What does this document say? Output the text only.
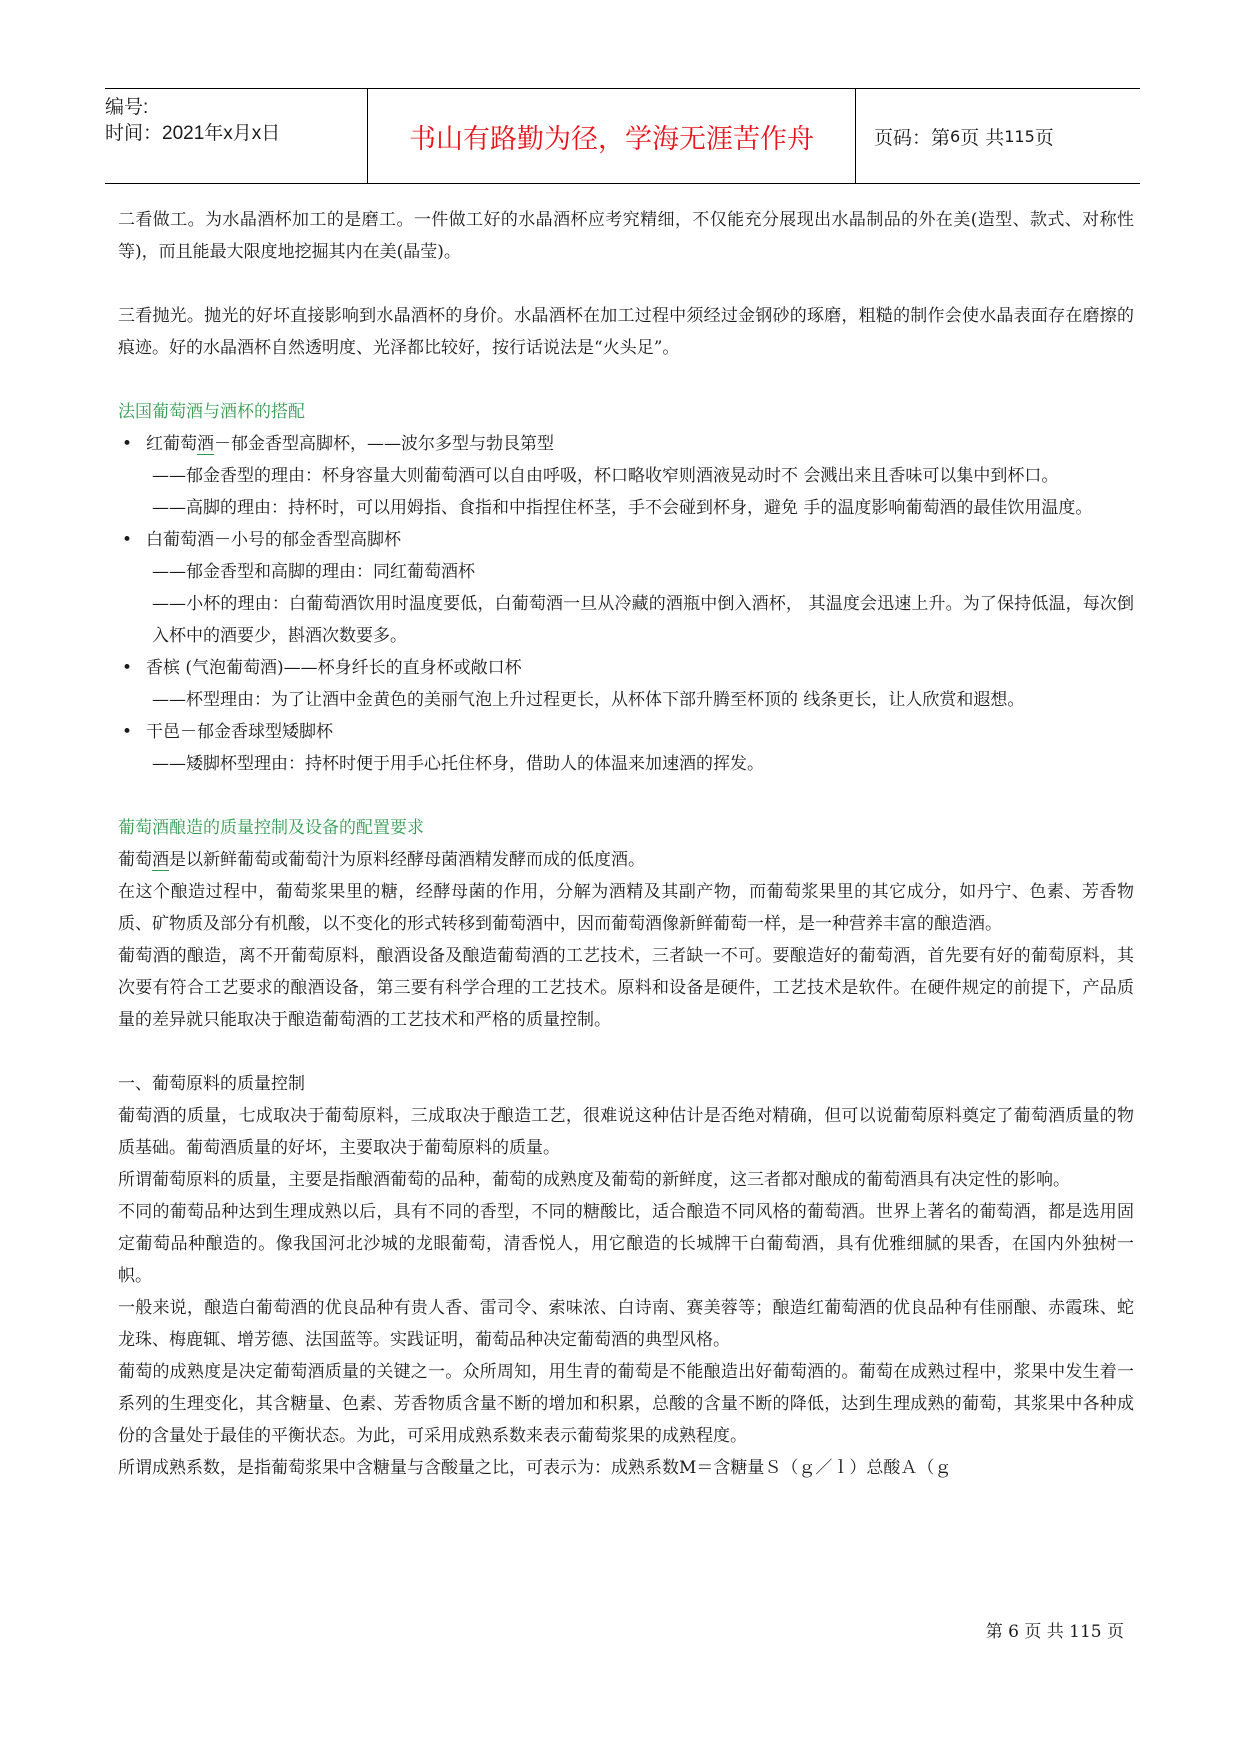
编号:
时间：2021年x月x日	书山有路勤为径，学海无涯苦作舟	页码：第 6 页 共 115 页

二看做工。为水晶酒杯加工的是磨工。一件做工好的水晶酒杯应考究精细，不仅能充分展现出水晶制品的外在美(造型、款式、对称性等)，而且能最大限度地挖掘其内在美(晶莹)。

三看抛光。抛光的好坏直接影响到水晶酒杯的身价。水晶酒杯在加工过程中须经过金钢砂的琢磨，粗糙的制作会使水晶表面存在磨擦的痕迹。好的水晶酒杯自然透明度、光泽都比较好，按行话说法是“火头足”。

法国葡萄酒与酒杯的搭配

• 红葡萄酒－郁金香型高脚杯，——波尔多型与勃艮第型

——郁金香型的理由：杯身容量大则葡萄酒可以自由呼吸，杯口略收窄则酒液晃动时不 会溅出来且香味可以集中到杯口。

——高脚的理由：持杯时，可以用姆指、食指和中指捏住杯茎，手不会碰到杯身，避免 手的温度影响葡萄酒的最佳饮用温度。

• 白葡萄酒－小号的郁金香型高脚杯

——郁金香型和高脚的理由：同红葡萄酒杯

——小杯的理由：白葡萄酒饮用时温度要低，白葡萄酒一旦从冷藏的酒瓶中倒入酒杯， 其温度会迅速上升。为了保持低温，每次倒入杯中的酒要少，斟酒次数要多。

• 香槟 (气泡葡萄酒)——杯身纤长的直身杯或敞口杯

——杯型理由：为了让酒中金黄色的美丽气泡上升过程更长，从杯体下部升腾至杯顶的 线条更长，让人欣赏和遐想。

• 干邑－郁金香球型矮脚杯

——矮脚杯型理由：持杯时便于用手心托住杯身，借助人的体温来加速酒的挥发。

葡萄酒酿造的质量控制及设备的配置要求

葡萄酒是以新鲜葡萄或葡萄汁为原料经酵母菌酒精发酵而成的低度酒。

在这个酿造过程中，葡萄浆果里的糖，经酵母菌的作用，分解为酒精及其副产物，而葡萄浆果里的其它成分，如丹宁、色素、芳香物质、矿物质及部分有机酸，以不变化的形式转移到葡萄酒中，因而葡萄酒像新鲜葡萄一样，是一种营养丰富的酿造酒。

葡萄酒的酿造，离不开葡萄原料，酿酒设备及酿造葡萄酒的工艺技术，三者缺一不可。要酿造好的葡萄酒，首先要有好的葡萄原料，其次要有符合工艺要求的酿酒设备，第三要有科学合理的工艺技术。原料和设备是硬件，工艺技术是软件。在硬件规定的前提下，产品质量的差异就只能取决于酿造葡萄酒的工艺技术和严格的质量控制。

一、葡萄原料的质量控制

葡萄酒的质量，七成取决于葡萄原料，三成取决于酿造工艺，很难说这种估计是否绝对精确，但可以说葡萄原料奠定了葡萄酒质量的物质基础。葡萄酒质量的好坏，主要取决于葡萄原料的质量。

所谓葡萄原料的质量，主要是指酿酒葡萄的品种，葡萄的成熟度及葡萄的新鲜度，这三者都对酿成的葡萄酒具有决定性的影响。

不同的葡萄品种达到生理成熟以后，具有不同的香型，不同的糖酸比，适合酿造不同风格的葡萄酒。世界上著名的葡萄酒，都是选用固定葡萄品种酿造的。像我国河北沙城的龙眼葡萄，清香悦人，用它酿造的长城牌干白葡萄酒，具有优雅细腻的果香，在国内外独树一帜。

一般来说，酿造白葡萄酒的优良品种有贵人香、雷司令、索味浓、白诗南、赛美蓉等；酿造红葡萄酒的优良品种有佳丽酿、赤霞珠、蛇龙珠、梅鹿辄、增芳德、法国蓝等。实践证明，葡萄品种决定葡萄酒的典型风格。

葡萄的成熟度是决定葡萄酒质量的关键之一。众所周知，用生青的葡萄是不能酿造出好葡萄酒的。葡萄在成熟过程中，浆果中发生着一系列的生理变化，其含糖量、色素、芳香物质含量不断的增加和积累，总酸的含量不断的降低，达到生理成熟的葡萄，其浆果中各种成份的含量处于最佳的平衡状态。为此，可采用成熟系数来表示葡萄浆果的成熟程度。

所谓成熟系数，是指葡萄浆果中含糖量与含酸量之比，可表示为：成熟系数M＝含糖量Ｓ（ｇ／ｌ）总酸Ａ（ｇ

第 6 页 共 115 页
